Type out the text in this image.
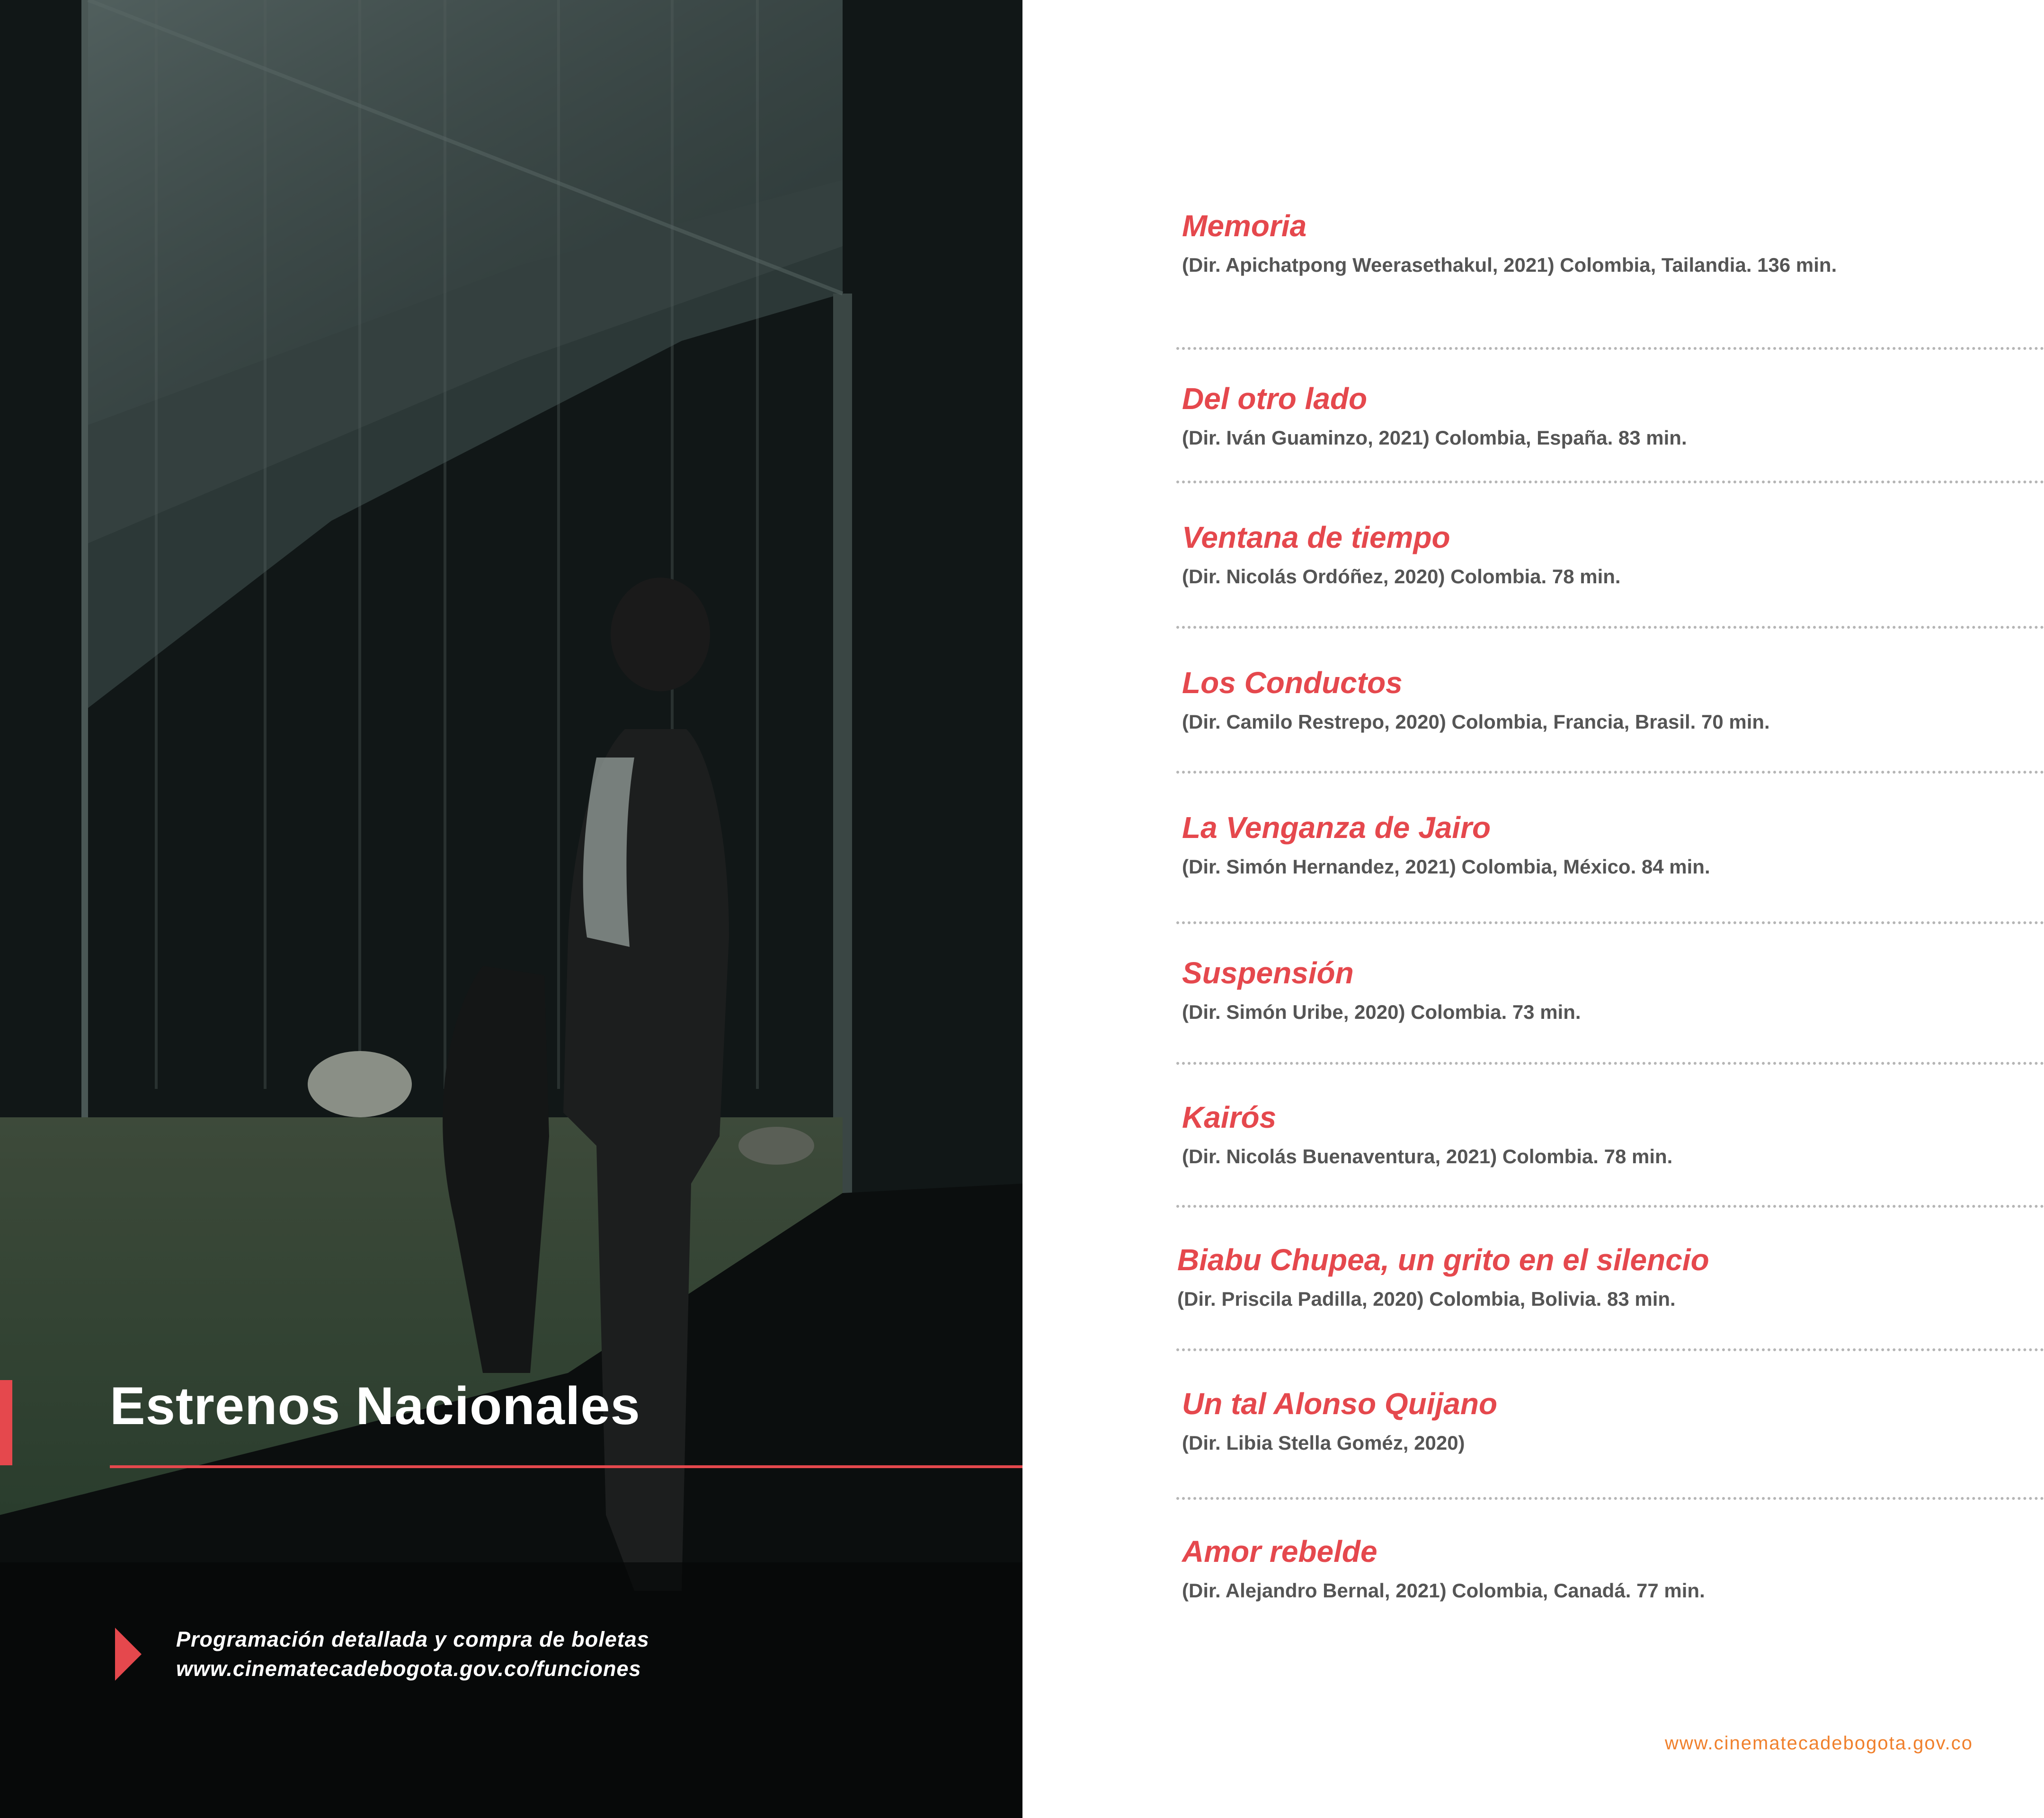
Estrenos Nacionales
Programación detallada y compra de boletas
www.cinematecadebogota.gov.co/funciones
Memoria

(Dir. Apichatpong Weerasethakul, 2021) Colombia, Tailandia. 136 min.

Del otro lado

(Dir. Iván Guaminzo, 2021) Colombia, España. 83 min.

Ventana de tiempo

(Dir. Nicolás Ordóñez, 2020) Colombia. 78 min.

Los Conductos

(Dir. Camilo Restrepo, 2020) Colombia, Francia, Brasil. 70 min.

La Venganza de Jairo

(Dir. Simón Hernandez, 2021) Colombia, México. 84 min.

Suspensión

(Dir. Simón Uribe, 2020) Colombia. 73 min.

Kairós

(Dir. Nicolás Buenaventura, 2021) Colombia. 78 min.

Biabu Chupea, un grito en el silencio

(Dir. Priscila Padilla, 2020) Colombia, Bolivia. 83 min.

Un tal Alonso Quijano

(Dir. Libia Stella Goméz, 2020)

Amor rebelde

(Dir. Alejandro Bernal, 2021) Colombia, Canadá. 77 min.

www.cinematecadebogota.gov.co
